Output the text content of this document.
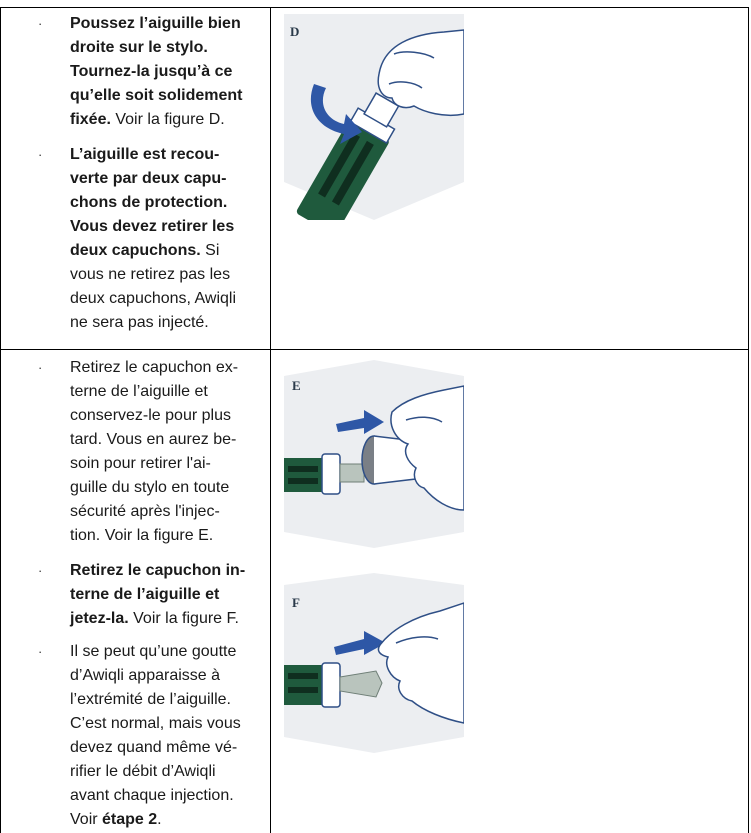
· Poussez l’aiguille bien
droite sur le stylo.
Tournez-la jusqu’à ce
qu’elle soit solidement
fixée. Voir la figure D.
· L’aiguille est recou-
verte par deux capu-
chons de protection.
Vous devez retirer les
deux capuchons. Si
vous ne retirez pas les
deux capuchons, Awiqli
ne sera pas injecté.
D
· Retirez le capuchon ex-
terne de l’aiguille et
conservez-le pour plus
tard. Vous en aurez be-
soin pour retirer l'ai-
guille du stylo en toute
sécurité après l'injec-
tion. Voir la figure E.
· Retirez le capuchon in-
terne de l’aiguille et
jetez-la. Voir la figure F.
· Il se peut qu’une goutte
d’Awiqli apparaisse à
l’extrémité de l’aiguille.
C’est normal, mais vous
devez quand même vé-
rifier le débit d’Awiqli
avant chaque injection.
Voir étape 2.
E
F
